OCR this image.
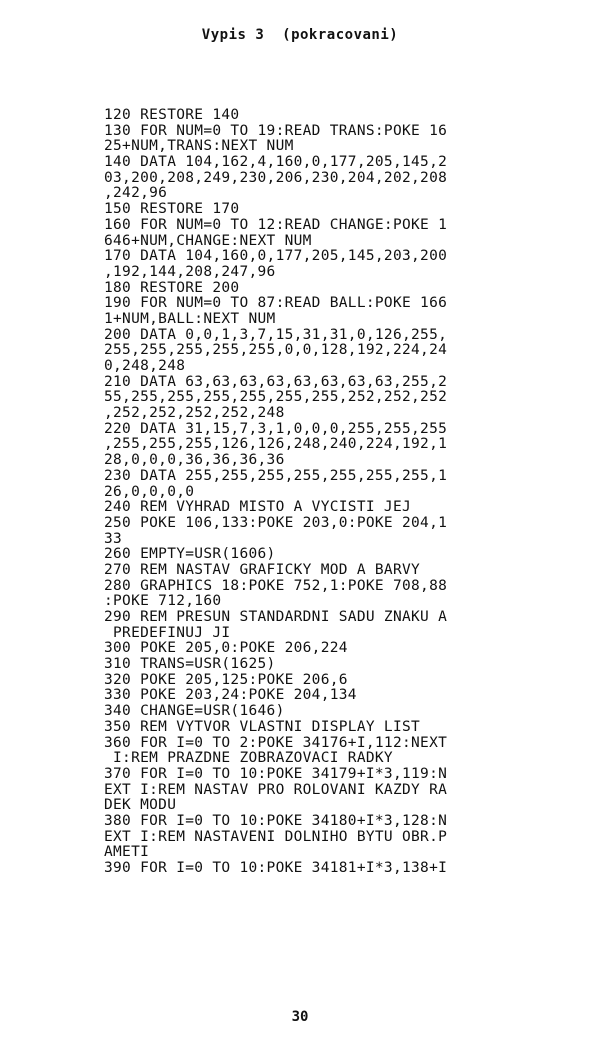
Vypis 3  (pokracovani)
120 RESTORE 140
130 FOR NUM=0 TO 19:READ TRANS:POKE 16
25+NUM,TRANS:NEXT NUM
140 DATA 104,162,4,160,0,177,205,145,2
03,200,208,249,230,206,230,204,202,208
,242,96
150 RESTORE 170
160 FOR NUM=0 TO 12:READ CHANGE:POKE 1
646+NUM,CHANGE:NEXT NUM
170 DATA 104,160,0,177,205,145,203,200
,192,144,208,247,96
180 RESTORE 200
190 FOR NUM=0 TO 87:READ BALL:POKE 166
1+NUM,BALL:NEXT NUM
200 DATA 0,0,1,3,7,15,31,31,0,126,255,
255,255,255,255,255,0,0,128,192,224,24
0,248,248
210 DATA 63,63,63,63,63,63,63,63,255,2
55,255,255,255,255,255,255,252,252,252
,252,252,252,252,248
220 DATA 31,15,7,3,1,0,0,0,255,255,255
,255,255,255,126,126,248,240,224,192,1
28,0,0,0,36,36,36,36
230 DATA 255,255,255,255,255,255,255,1
26,0,0,0,0
240 REM VYHRAD MISTO A VYCISTI JEJ
250 POKE 106,133:POKE 203,0:POKE 204,1
33
260 EMPTY=USR(1606)
270 REM NASTAV GRAFICKY MOD A BARVY
280 GRAPHICS 18:POKE 752,1:POKE 708,88
:POKE 712,160
290 REM PRESUN STANDARDNI SADU ZNAKU A
PREDEFINUJ JI
300 POKE 205,0:POKE 206,224
310 TRANS=USR(1625)
320 POKE 205,125:POKE 206,6
330 POKE 203,24:POKE 204,134
340 CHANGE=USR(1646)
350 REM VYTVOR VLASTNI DISPLAY LIST
360 FOR I=0 TO 2:POKE 34176+I,112:NEXT
I:REM PRAZDNE ZOBRAZOVACI RADKY
370 FOR I=0 TO 10:POKE 34179+I*3,119:N
EXT I:REM NASTAV PRO ROLOVANI KAZDY RA
DEK MODU
380 FOR I=0 TO 10:POKE 34180+I*3,128:N
EXT I:REM NASTAVENI DOLNIHO BYTU OBR.P
AMETI
390 FOR I=0 TO 10:POKE 34181+I*3,138+I
30
